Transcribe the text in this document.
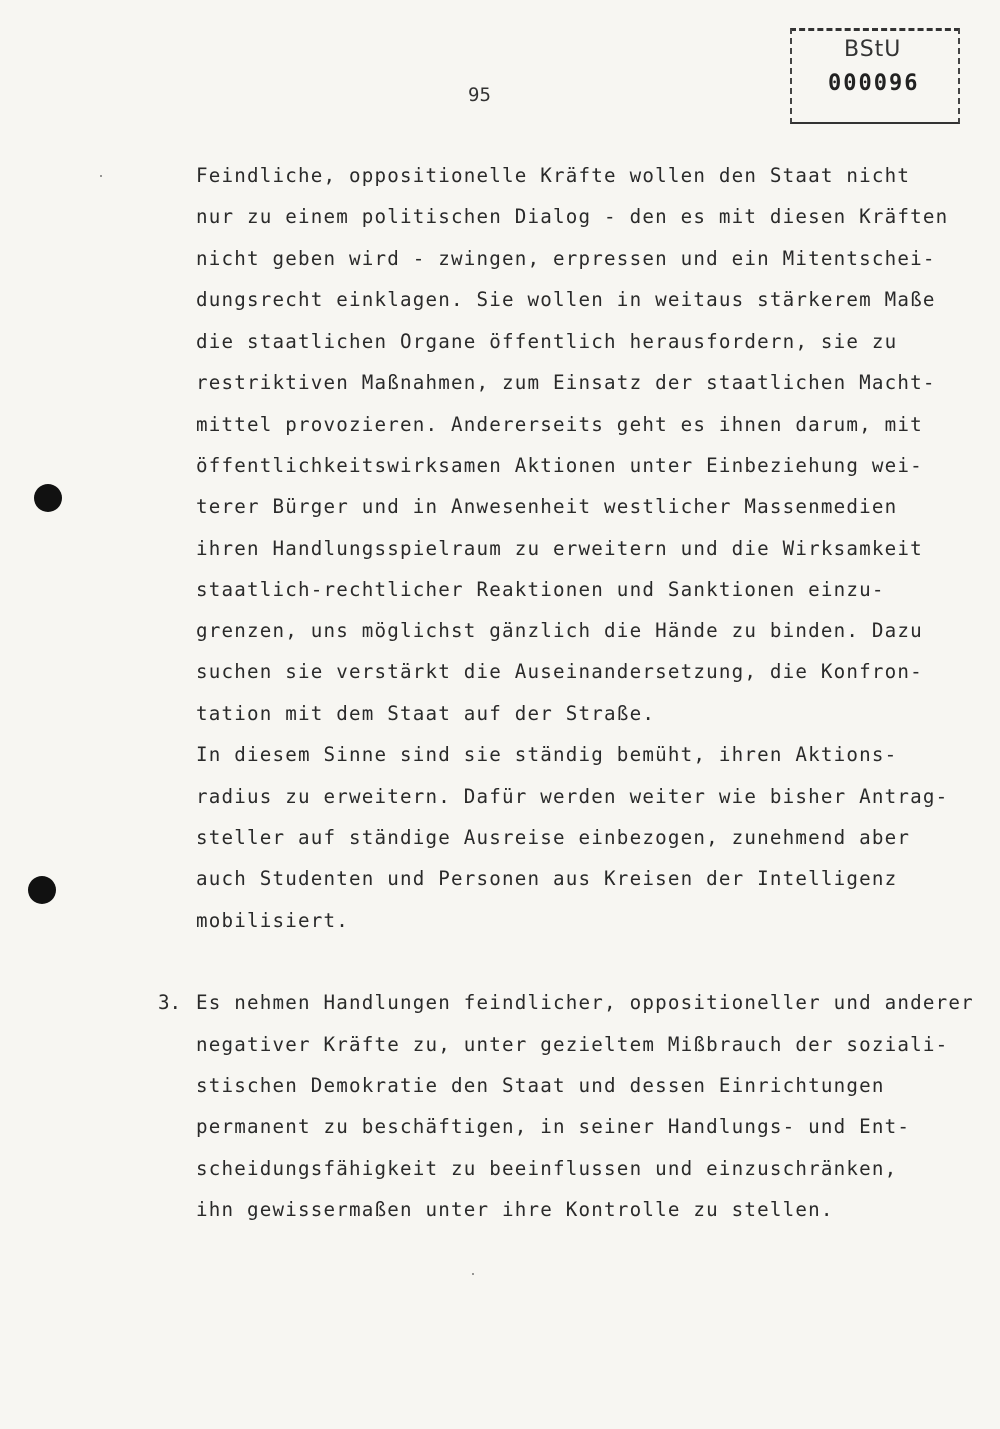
BStU
000096
95
Feindliche, oppositionelle Kräfte wollen den Staat nicht
nur zu einem politischen Dialog - den es mit diesen Kräften
nicht geben wird - zwingen, erpressen und ein Mitentschei-
dungsrecht einklagen. Sie wollen in weitaus stärkerem Maße
die staatlichen Organe öffentlich herausfordern, sie zu
restriktiven Maßnahmen, zum Einsatz der staatlichen Macht-
mittel provozieren. Andererseits geht es ihnen darum, mit
öffentlichkeitswirksamen Aktionen unter Einbeziehung wei-
terer Bürger und in Anwesenheit westlicher Massenmedien
ihren Handlungsspielraum zu erweitern und die Wirksamkeit
staatlich-rechtlicher Reaktionen und Sanktionen einzu-
grenzen, uns möglichst gänzlich die Hände zu binden. Dazu
suchen sie verstärkt die Auseinandersetzung, die Konfron-
tation mit dem Staat auf der Straße.
In diesem Sinne sind sie ständig bemüht, ihren Aktions-
radius zu erweitern. Dafür werden weiter wie bisher Antrag-
steller auf ständige Ausreise einbezogen, zunehmend aber
auch Studenten und Personen aus Kreisen der Intelligenz
mobilisiert.
3. Es nehmen Handlungen feindlicher, oppositioneller und anderer
negativer Kräfte zu, unter gezieltem Mißbrauch der soziali-
stischen Demokratie den Staat und dessen Einrichtungen
permanent zu beschäftigen, in seiner Handlungs- und Ent-
scheidungsfähigkeit zu beeinflussen und einzuschränken,
ihn gewissermaßen unter ihre Kontrolle zu stellen.
